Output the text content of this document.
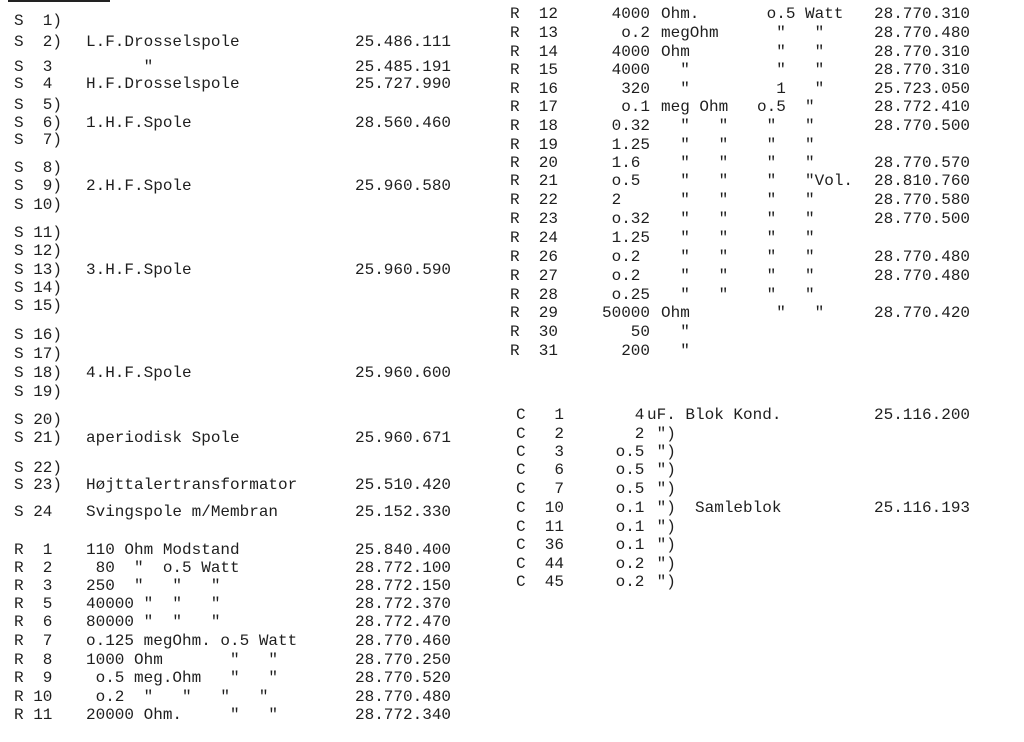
S  1)
S  2) L.F.Drosselspole	25.486.111
S  3 "	25.485.191
S  4 H.F.Drosselspole	25.727.990
S  5)
S  6) 1.H.F.Spole	28.560.460
S  7)
S  8)
S  9) 2.H.F.Spole	25.960.580
S 10)
S 11)
S 12)
S 13) 3.H.F.Spole	25.960.590
S 14)
S 15)
S 16)
S 17)
S 18) 4.H.F.Spole	25.960.600
S 19)
S 20)
S 21) aperiodisk Spole	25.960.671
S 22)
S 23) Højttalertransformator	25.510.420
S 24 Svingspole m/Membran	25.152.330
R  1 110 Ohm Modstand	25.840.400
R  2 80  "  o.5 Watt	28.772.100
R  3 250  "   "   "	28.772.150
R  5 40000 "  "   "	28.772.370
R  6 80000 "  "   "	28.772.470
R  7 o.125 megOhm. o.5 Watt	28.770.460
R  8 1000 Ohm       "   "	28.770.250
R  9 o.5 meg.Ohm   "   "	28.770.520
R 10 o.2  "   "   "   "	28.770.480
R 11 20000 Ohm.     "   "	28.772.340
R  12	4000 Ohm.       o.5 Watt 28.770.310
R  13	o.2 megOhm      "   "	28.770.480
R  14	4000 Ohm         "   "	28.770.310
R  15	4000 "         "   "	28.770.310
R  16	320 "         1   "	25.723.050
R  17	o.1 meg Ohm   o.5  "	28.772.410
R  18	0.32 "   "    "   "	28.770.500
R  19	1.25 "   "    "   "
R  20	1.6 "   "    "   "	28.770.570
R  21	o.5 "   "    "   "Vol. 28.810.760
R  22	2 "   "    "   "	28.770.580
R  23	o.32 "   "    "   "	28.770.500
R  24	1.25 "   "    "   "
R  26	o.2 "   "    "   "	28.770.480
R  27	o.2 "   "    "   "	28.770.480
R  28	o.25 "   "    "   "
R  29	50000 Ohm         "   "	28.770.420
R  30	50 "
R  31	200 "
C   1	4 uF. Blok Kond.	25.116.200
C   2	2 ")
C   3	o.5 ")
C   6	o.5 ")
C   7	o.5 ")
C  10	o.1 ")  Samleblok	25.116.193
C  11	o.1 ")
C  36	o.1 ")
C  44	o.2 ")
C  45	o.2 ")
